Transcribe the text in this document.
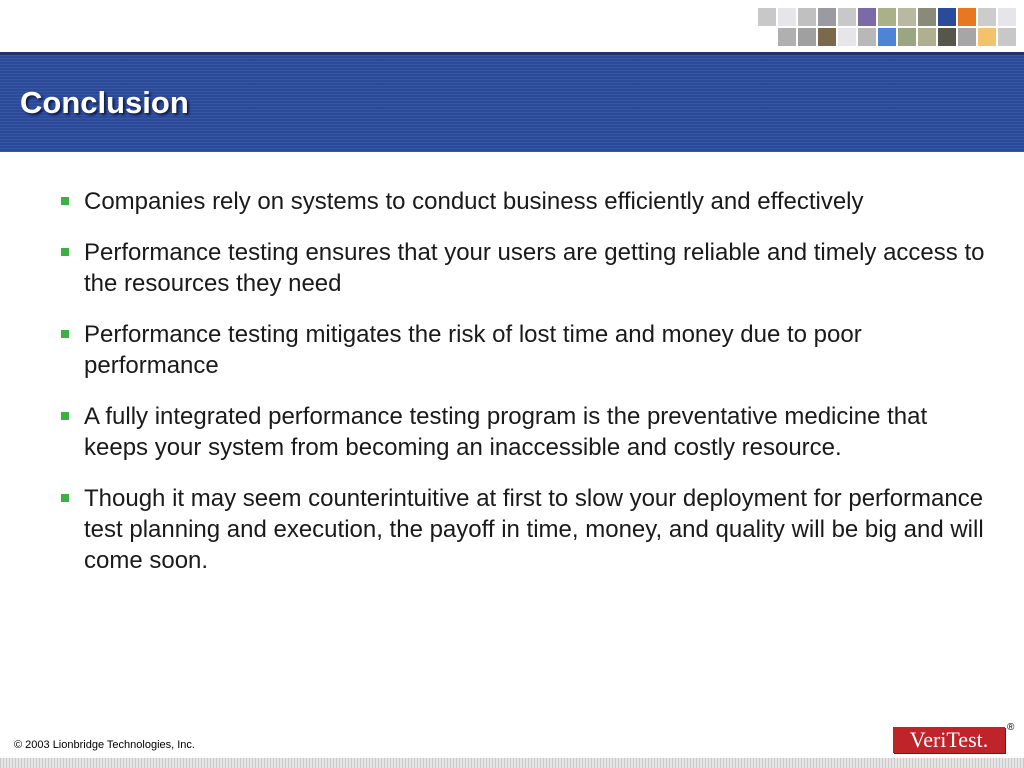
Conclusion
Companies rely on systems to conduct business efficiently and effectively
Performance testing ensures that your users are getting reliable and timely access to the resources they need
Performance testing mitigates the risk of lost time and money due to poor performance
A fully integrated performance testing program is the preventative medicine that keeps your system from becoming an inaccessible and costly resource.
Though it may seem counterintuitive at first to slow your deployment for performance test planning and execution, the payoff in time, money, and quality will be big and will come soon.
© 2003 Lionbridge Technologies, Inc.	VeriTest.	®
